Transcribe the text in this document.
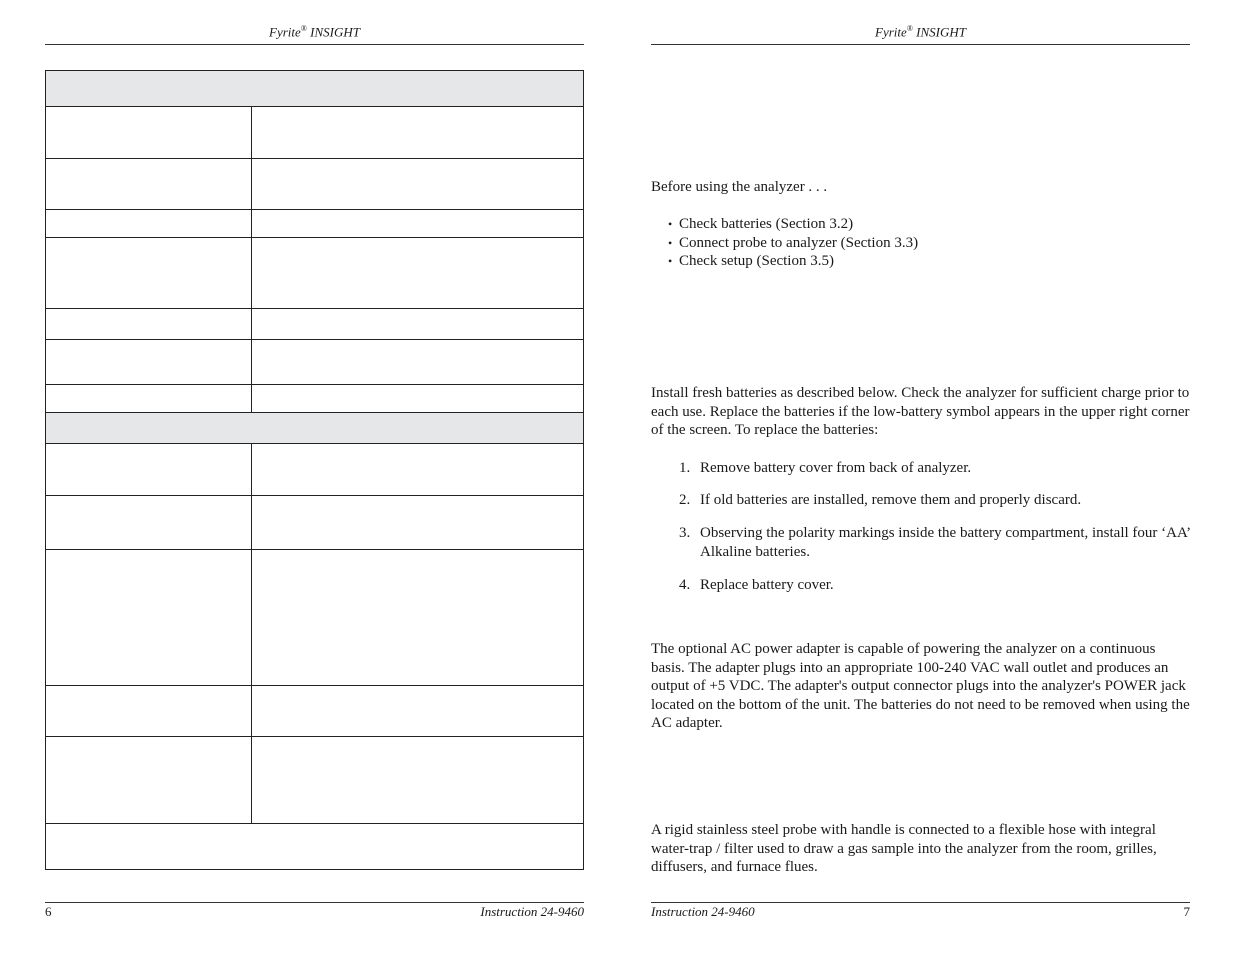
Fyrite® INSIGHT
6	Instruction 24-9460
Fyrite® INSIGHT
Before using the analyzer . . .
• Check batteries (Section 3.2)
• Connect probe to analyzer (Section 3.3)
• Check setup (Section 3.5)
Install fresh batteries as described below. Check the analyzer for sufficient charge prior to each use. Replace the batteries if the low-battery symbol appears in the upper right corner of the screen. To replace the batteries:
1. Remove battery cover from back of analyzer.
2. If old batteries are installed, remove them and properly discard.
3. Observing the polarity markings inside the battery compartment, install four ‘AA’ Alkaline batteries.
4. Replace battery cover.
The optional AC power adapter is capable of powering the analyzer on a continuous basis. The adapter plugs into an appropriate 100-240 VAC wall outlet and produces an output of +5 VDC. The adapter's output connector plugs into the analyzer's POWER jack located on the bottom of the unit. The batteries do not need to be removed when using the AC adapter.
A rigid stainless steel probe with handle is connected to a flexible hose with integral water-trap / filter used to draw a gas sample into the analyzer from the room, grilles, diffusers, and furnace flues.
Instruction 24-9460	7
